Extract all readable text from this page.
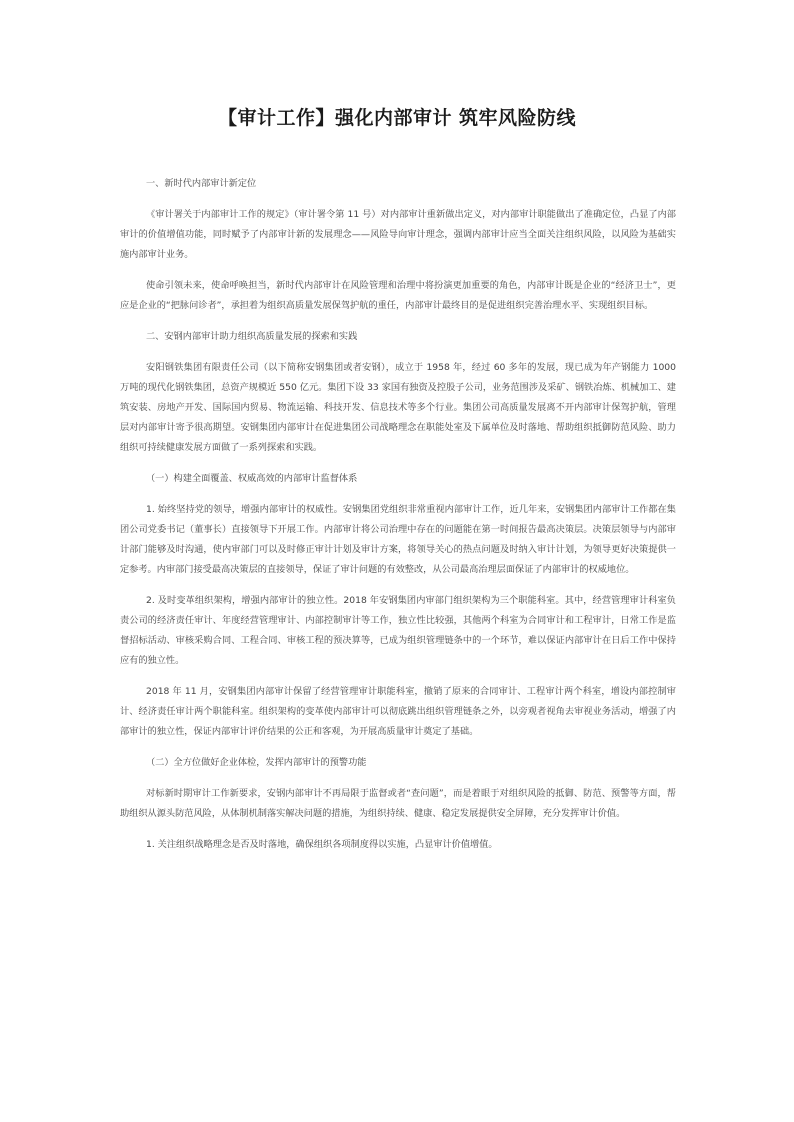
【审计工作】强化内部审计 筑牢风险防线
一、新时代内部审计新定位
《审计署关于内部审计工作的规定》（审计署令第 11 号）对内部审计重新做出定义，对内部审计职能做出了准确定位，凸显了内部审计的价值增值功能，同时赋予了内部审计新的发展理念——风险导向审计理念，强调内部审计应当全面关注组织风险，以风险为基础实施内部审计业务。
使命引领未来，使命呼唤担当，新时代内部审计在风险管理和治理中将扮演更加重要的角色，内部审计既是企业的“经济卫士”，更应是企业的“把脉问诊者”，承担着为组织高质量发展保驾护航的重任，内部审计最终目的是促进组织完善治理水平、实现组织目标。
二、安钢内部审计助力组织高质量发展的探索和实践
安阳钢铁集团有限责任公司（以下简称安钢集团或者安钢），成立于 1958 年，经过 60 多年的发展，现已成为年产钢能力 1000 万吨的现代化钢铁集团，总资产规模近 550 亿元。集团下设 33 家国有独资及控股子公司，业务范围涉及采矿、钢铁冶炼、机械加工、建筑安装、房地产开发、国际国内贸易、物流运输、科技开发、信息技术等多个行业。集团公司高质量发展离不开内部审计保驾护航，管理层对内部审计寄予很高期望。安钢集团内部审计在促进集团公司战略理念在职能处室及下属单位及时落地、帮助组织抵御防范风险、助力组织可持续健康发展方面做了一系列探索和实践。
（一）构建全面覆盖、权威高效的内部审计监督体系
1. 始终坚持党的领导，增强内部审计的权威性。安钢集团党组织非常重视内部审计工作，近几年来，安钢集团内部审计工作都在集团公司党委书记（董事长）直接领导下开展工作。内部审计将公司治理中存在的问题能在第一时间报告最高决策层。决策层领导与内部审计部门能够及时沟通，使内审部门可以及时修正审计计划及审计方案，将领导关心的热点问题及时纳入审计计划，为领导更好决策提供一定参考。内审部门接受最高决策层的直接领导，保证了审计问题的有效整改，从公司最高治理层面保证了内部审计的权威地位。
2. 及时变革组织架构，增强内部审计的独立性。2018 年安钢集团内审部门组织架构为三个职能科室。其中，经营管理审计科室负责公司的经济责任审计、年度经营管理审计、内部控制审计等工作，独立性比较强，其他两个科室为合同审计和工程审计，日常工作是监督招标活动、审核采购合同、工程合同、审核工程的预决算等，已成为组织管理链条中的一个环节，难以保证内部审计在日后工作中保持应有的独立性。
2018 年 11 月，安钢集团内部审计保留了经营管理审计职能科室，撤销了原来的合同审计、工程审计两个科室，增设内部控制审计、经济责任审计两个职能科室。组织架构的变革使内部审计可以彻底跳出组织管理链条之外，以旁观者视角去审视业务活动，增强了内部审计的独立性，保证内部审计评价结果的公正和客观，为开展高质量审计奠定了基础。
（二）全方位做好企业体检，发挥内部审计的预警功能
对标新时期审计工作新要求，安钢内部审计不再局限于监督或者“查问题”，而是着眼于对组织风险的抵御、防范、预警等方面，帮助组织从源头防范风险，从体制机制落实解决问题的措施，为组织持续、健康、稳定发展提供安全屏障，充分发挥审计价值。
1. 关注组织战略理念是否及时落地，确保组织各项制度得以实施，凸显审计价值增值。
